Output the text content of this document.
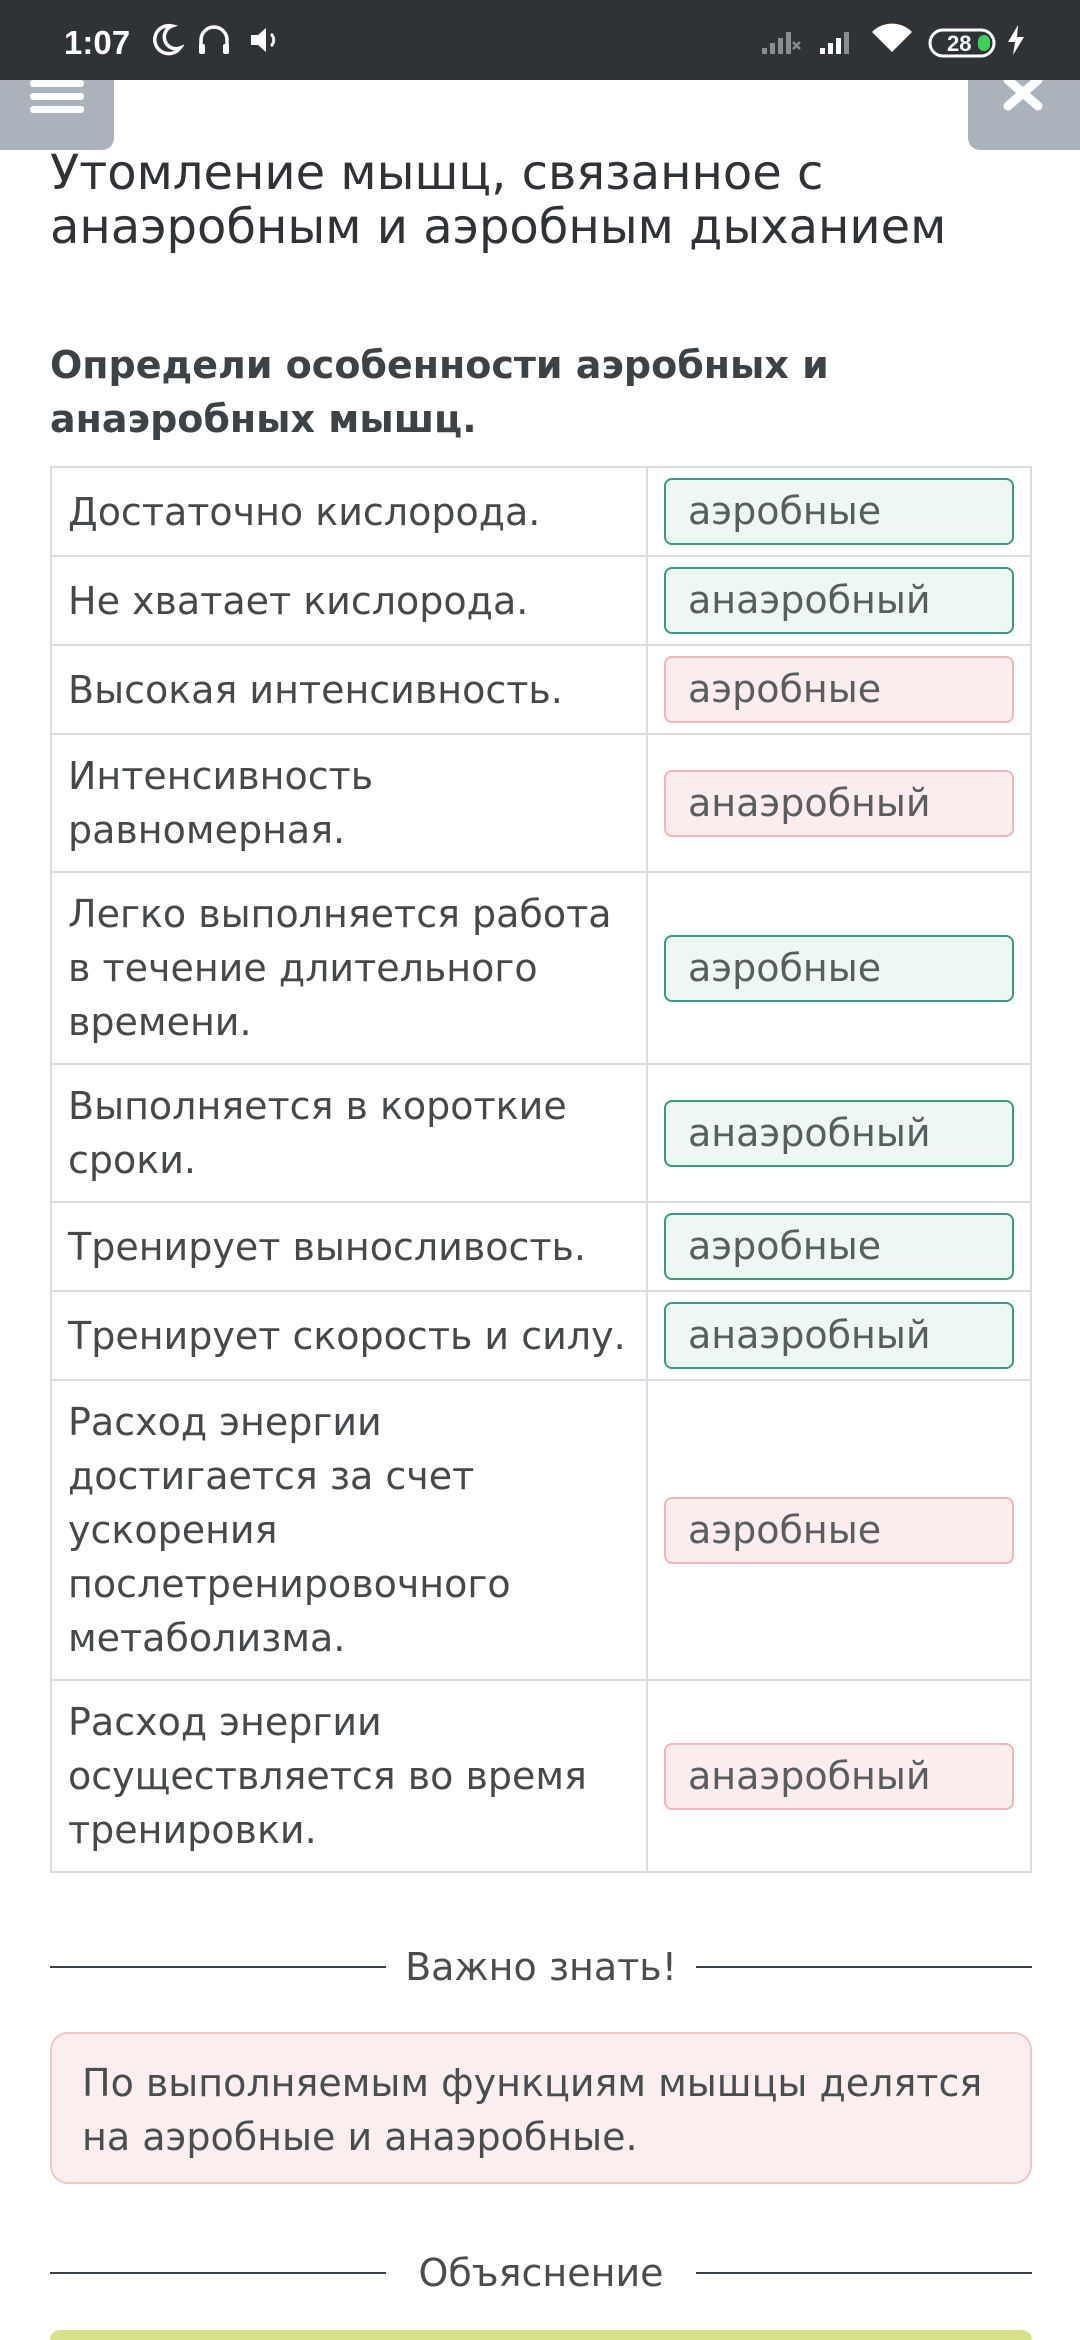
1:07	28
Утомление мышц, связанное с анаэробным и аэробным дыханием
Определи особенности аэробных и анаэробных мышц.
Достаточно кислорода.	аэробные

Не хватает кислорода.	анаэробный

Высокая интенсивность.	аэробные

Интенсивность равномерная.	анаэробный

Легко выполняется работа в течение длительного времени.	аэробные

Выполняется в короткие сроки.	анаэробный

Тренирует выносливость.	аэробные

Тренирует скорость и силу.	анаэробный

Расход энергии достигается за счет ускорения послетренировочного метаболизма.	аэробные

Расход энергии осуществляется во время тренировки.	анаэробный
Важно знать!
По выполняемым функциям мышцы делятся на аэробные и анаэробные.
Объяснение
